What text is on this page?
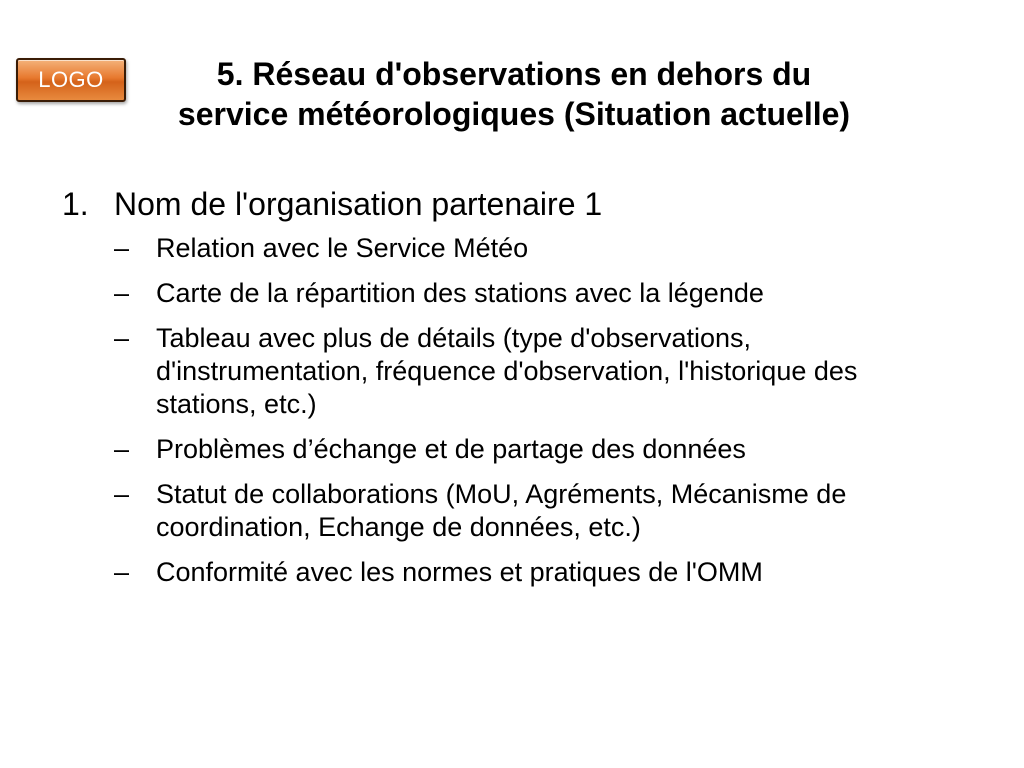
LOGO	5. Réseau d'observations en dehors du
service météorologiques (Situation actuelle)
1. Nom de l'organisation partenaire 1
– Relation avec le Service Météo
– Carte de la répartition des stations avec la légende
– Tableau avec plus de détails (type d'observations, d'instrumentation, fréquence d'observation, l'historique des stations, etc.)
– Problèmes d’échange et de partage des données
– Statut de collaborations (MoU, Agréments, Mécanisme de coordination, Echange de données, etc.)
– Conformité avec les normes et pratiques de l'OMM
